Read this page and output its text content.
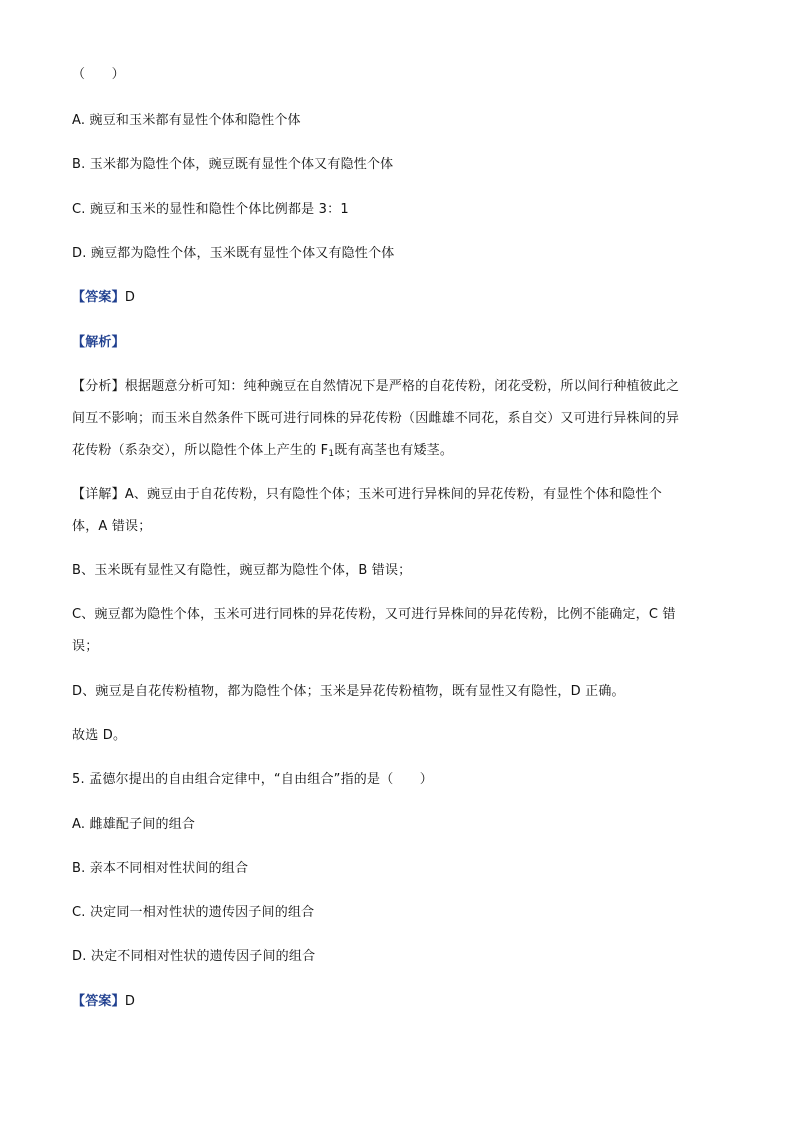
（　　）
A. 豌豆和玉米都有显性个体和隐性个体
B. 玉米都为隐性个体，豌豆既有显性个体又有隐性个体
C. 豌豆和玉米的显性和隐性个体比例都是 3：1
D. 豌豆都为隐性个体，玉米既有显性个体又有隐性个体
【答案】D
【解析】
【分析】根据题意分析可知：纯种豌豆在自然情况下是严格的自花传粉，闭花受粉，所以间行种植彼此之
间互不影响；而玉米自然条件下既可进行同株的异花传粉（因雌雄不同花，系自交）又可进行异株间的异
花传粉（系杂交），所以隐性个体上产生的 $F_1$既有高茎也有矮茎。
【详解】A、豌豆由于自花传粉，只有隐性个体；玉米可进行异株间的异花传粉，有显性个体和隐性个
体，A 错误；
B、玉米既有显性又有隐性，豌豆都为隐性个体，B 错误；
C、豌豆都为隐性个体，玉米可进行同株的异花传粉，又可进行异株间的异花传粉，比例不能确定，C 错
误；
D、豌豆是自花传粉植物，都为隐性个体；玉米是异花传粉植物，既有显性又有隐性，D 正确。
故选 D。
5. 孟德尔提出的自由组合定律中，“自由组合”指的是（　　）
A. 雌雄配子间的组合
B. 亲本不同相对性状间的组合
C. 决定同一相对性状的遗传因子间的组合
D. 决定不同相对性状的遗传因子间的组合
【答案】D
